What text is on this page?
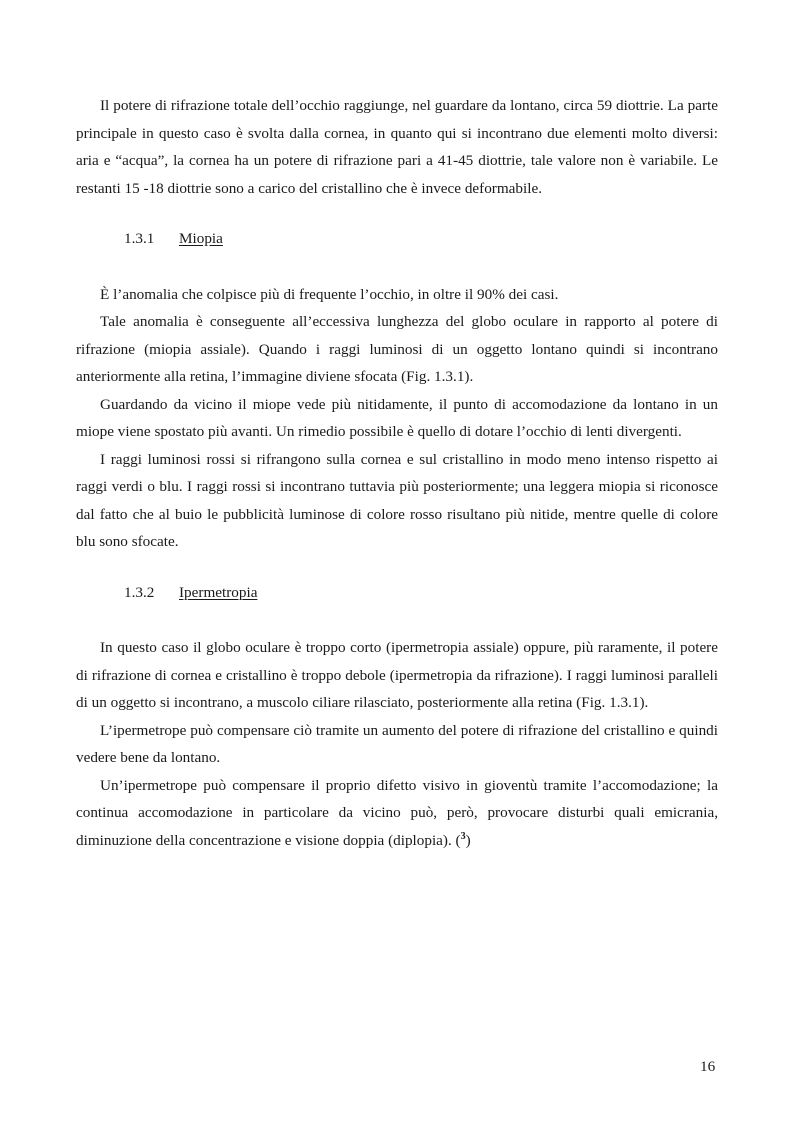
Il potere di rifrazione totale dell’occhio raggiunge, nel guardare da lontano, circa 59 diottrie. La parte principale in questo caso è svolta dalla cornea, in quanto qui si incontrano due elementi molto diversi: aria e “acqua”, la cornea ha un potere di rifrazione pari a 41-45 diottrie, tale valore non è variabile. Le restanti 15 -18 diottrie sono a carico del cristallino che è invece deformabile.

1.3.1	Miopia

È l’anomalia che colpisce più di frequente l’occhio, in oltre il 90% dei casi.

Tale anomalia è conseguente all’eccessiva lunghezza del globo oculare in rapporto al potere di rifrazione (miopia assiale). Quando i raggi luminosi di un oggetto lontano quindi si incontrano anteriormente alla retina, l’immagine diviene sfocata (Fig. 1.3.1).

Guardando da vicino il miope vede più nitidamente, il punto di accomodazione da lontano in un miope viene spostato più avanti. Un rimedio possibile è quello di dotare l’occhio di lenti divergenti.

I raggi luminosi rossi si rifrangono sulla cornea e sul cristallino in modo meno intenso rispetto ai raggi verdi o blu. I raggi rossi si incontrano tuttavia più posteriormente; una leggera miopia si riconosce dal fatto che al buio le pubblicità luminose di colore rosso risultano più nitide, mentre quelle di colore blu sono sfocate.

1.3.2	Ipermetropia

In questo caso il globo oculare è troppo corto (ipermetropia assiale) oppure, più raramente, il potere di rifrazione di cornea e cristallino è troppo debole (ipermetropia da rifrazione). I raggi luminosi paralleli di un oggetto si incontrano, a muscolo ciliare rilasciato, posteriormente alla retina (Fig. 1.3.1).

L’ipermetrope può compensare ciò tramite un aumento del potere di rifrazione del cristallino e quindi vedere bene da lontano.

Un’ipermetrope può compensare il proprio difetto visivo in gioventù tramite l’accomodazione; la continua accomodazione in particolare da vicino può, però, provocare disturbi quali emicrania, diminuzione della concentrazione e visione doppia (diplopia). ($^3$)

16
